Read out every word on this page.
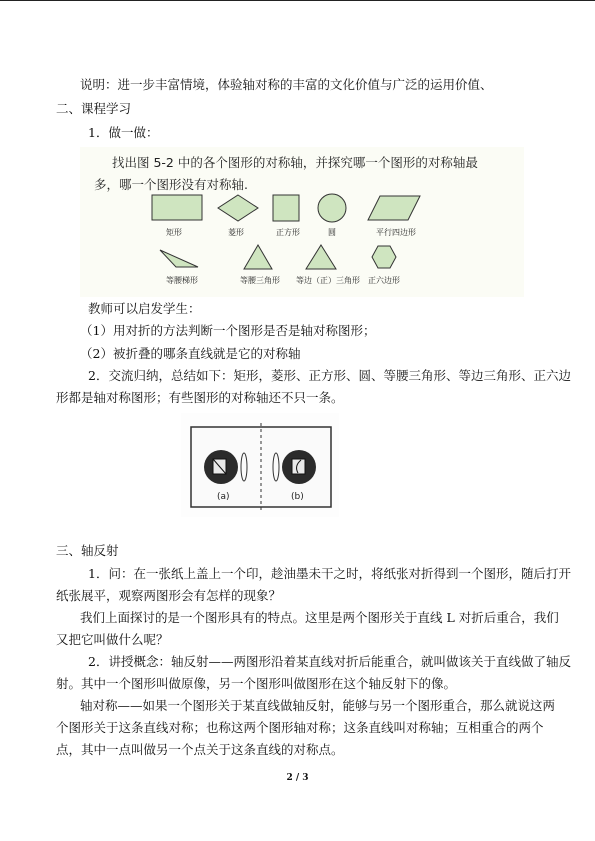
说明：进一步丰富情境，体验轴对称的丰富的文化价值与广泛的运用价值、
二、课程学习
1．做一做：
找出图 5-2 中的各个图形的对称轴，并探究哪一个图形的对称轴最
多，哪一个图形没有对称轴.
矩形	菱形	正方形	圆	平行四边形
等腰梯形	等腰三角形 等边（正）三角形 正六边形
教师可以启发学生：
（1）用对折的方法判断一个图形是否是轴对称图形；
（2）被折叠的哪条直线就是它的对称轴
2．交流归纳，总结如下：矩形，菱形、正方形、圆、等腰三角形、等边三角形、正六边
形都是轴对称图形；有些图形的对称轴还不只一条。
(a)	(b)
三、轴反射
1．问：在一张纸上盖上一个印，趁油墨未干之时，将纸张对折得到一个图形，随后打开
纸张展平，观察两图形会有怎样的现象？
我们上面探讨的是一个图形具有的特点。这里是两个图形关于直线 L 对折后重合，我们
又把它叫做什么呢？
2．讲授概念：轴反射——两图形沿着某直线对折后能重合，就叫做该关于直线做了轴反
射。其中一个图形叫做原像，另一个图形叫做图形在这个轴反射下的像。
轴对称——如果一个图形关于某直线做轴反射，能够与另一个图形重合，那么就说这两
个图形关于这条直线对称；也称这两个图形轴对称；这条直线叫对称轴；互相重合的两个
点，其中一点叫做另一个点关于这条直线的对称点。
2 / 3
